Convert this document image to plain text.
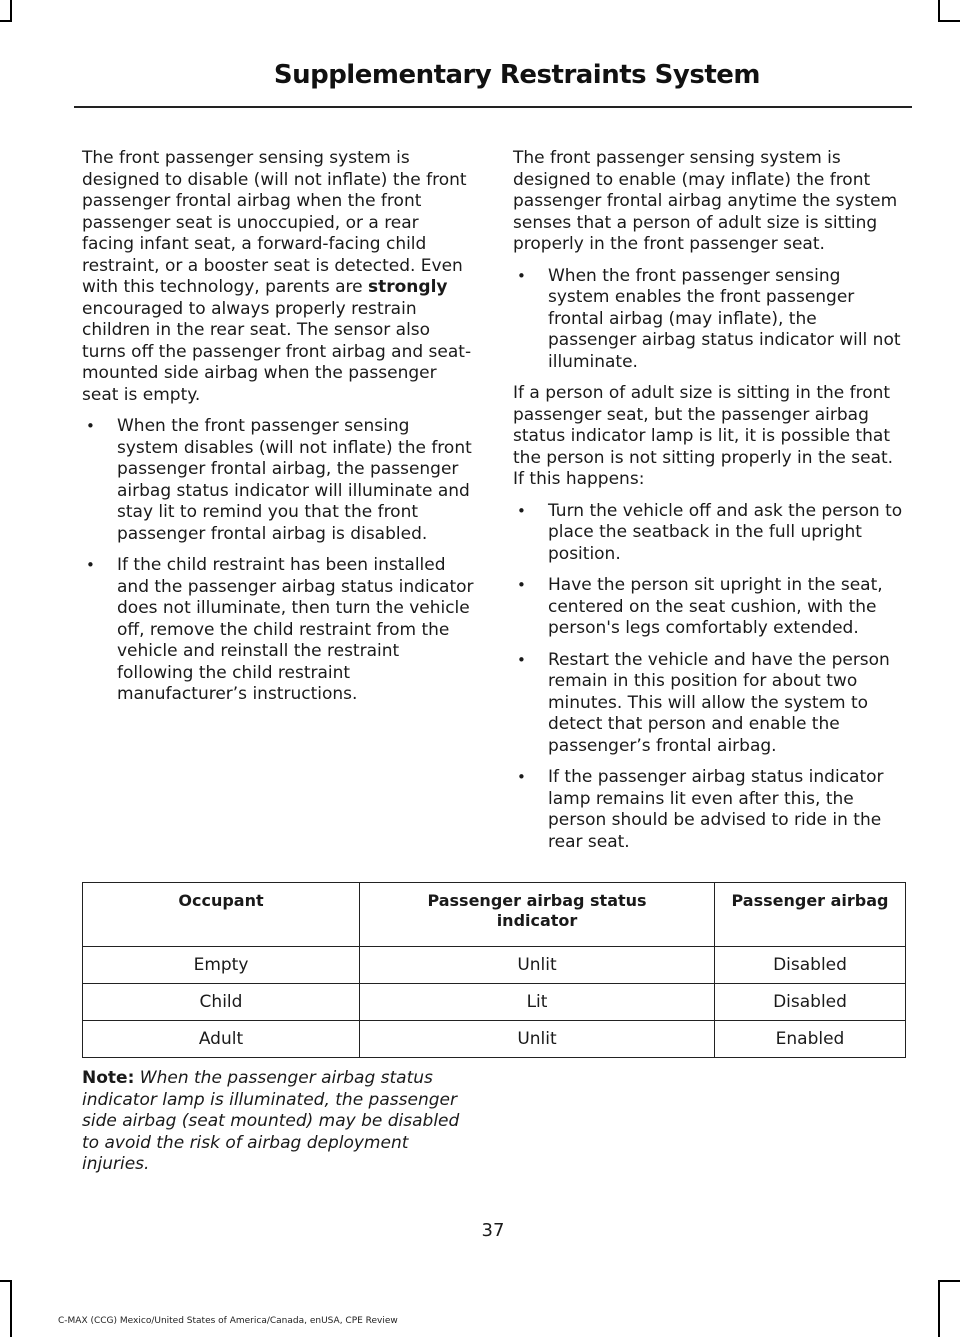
Supplementary Restraints System

The front passenger sensing system is designed to disable (will not inflate) the front passenger frontal airbag when the front passenger seat is unoccupied, or a rear facing infant seat, a forward-facing child restraint, or a booster seat is detected. Even with this technology, parents are strongly encouraged to always properly restrain children in the rear seat. The sensor also turns off the passenger front airbag and seat-mounted side airbag when the passenger seat is empty.

• When the front passenger sensing system disables (will not inflate) the front passenger frontal airbag, the passenger airbag status indicator will illuminate and stay lit to remind you that the front passenger frontal airbag is disabled.
• If the child restraint has been installed and the passenger airbag status indicator does not illuminate, then turn the vehicle off, remove the child restraint from the vehicle and reinstall the restraint following the child restraint manufacturer’s instructions.

The front passenger sensing system is designed to enable (may inflate) the front passenger frontal airbag anytime the system senses that a person of adult size is sitting properly in the front passenger seat.

• When the front passenger sensing system enables the front passenger frontal airbag (may inflate), the passenger airbag status indicator will not illuminate.

If a person of adult size is sitting in the front passenger seat, but the passenger airbag status indicator lamp is lit, it is possible that the person is not sitting properly in the seat. If this happens:

• Turn the vehicle off and ask the person to place the seatback in the full upright position.
• Have the person sit upright in the seat, centered on the seat cushion, with the person's legs comfortably extended.
• Restart the vehicle and have the person remain in this position for about two minutes. This will allow the system to detect that person and enable the passenger’s frontal airbag.
• If the passenger airbag status indicator lamp remains lit even after this, the person should be advised to ride in the rear seat.
Occupant	Passenger airbag status indicator	Passenger airbag
Empty	Unlit	Disabled
Child	Lit	Disabled
Adult	Unlit	Enabled
Note: When the passenger airbag status indicator lamp is illuminated, the passenger side airbag (seat mounted) may be disabled to avoid the risk of airbag deployment injuries.
37
C-MAX (CCG) Mexico/United States of America/Canada, enUSA, CPE Review
